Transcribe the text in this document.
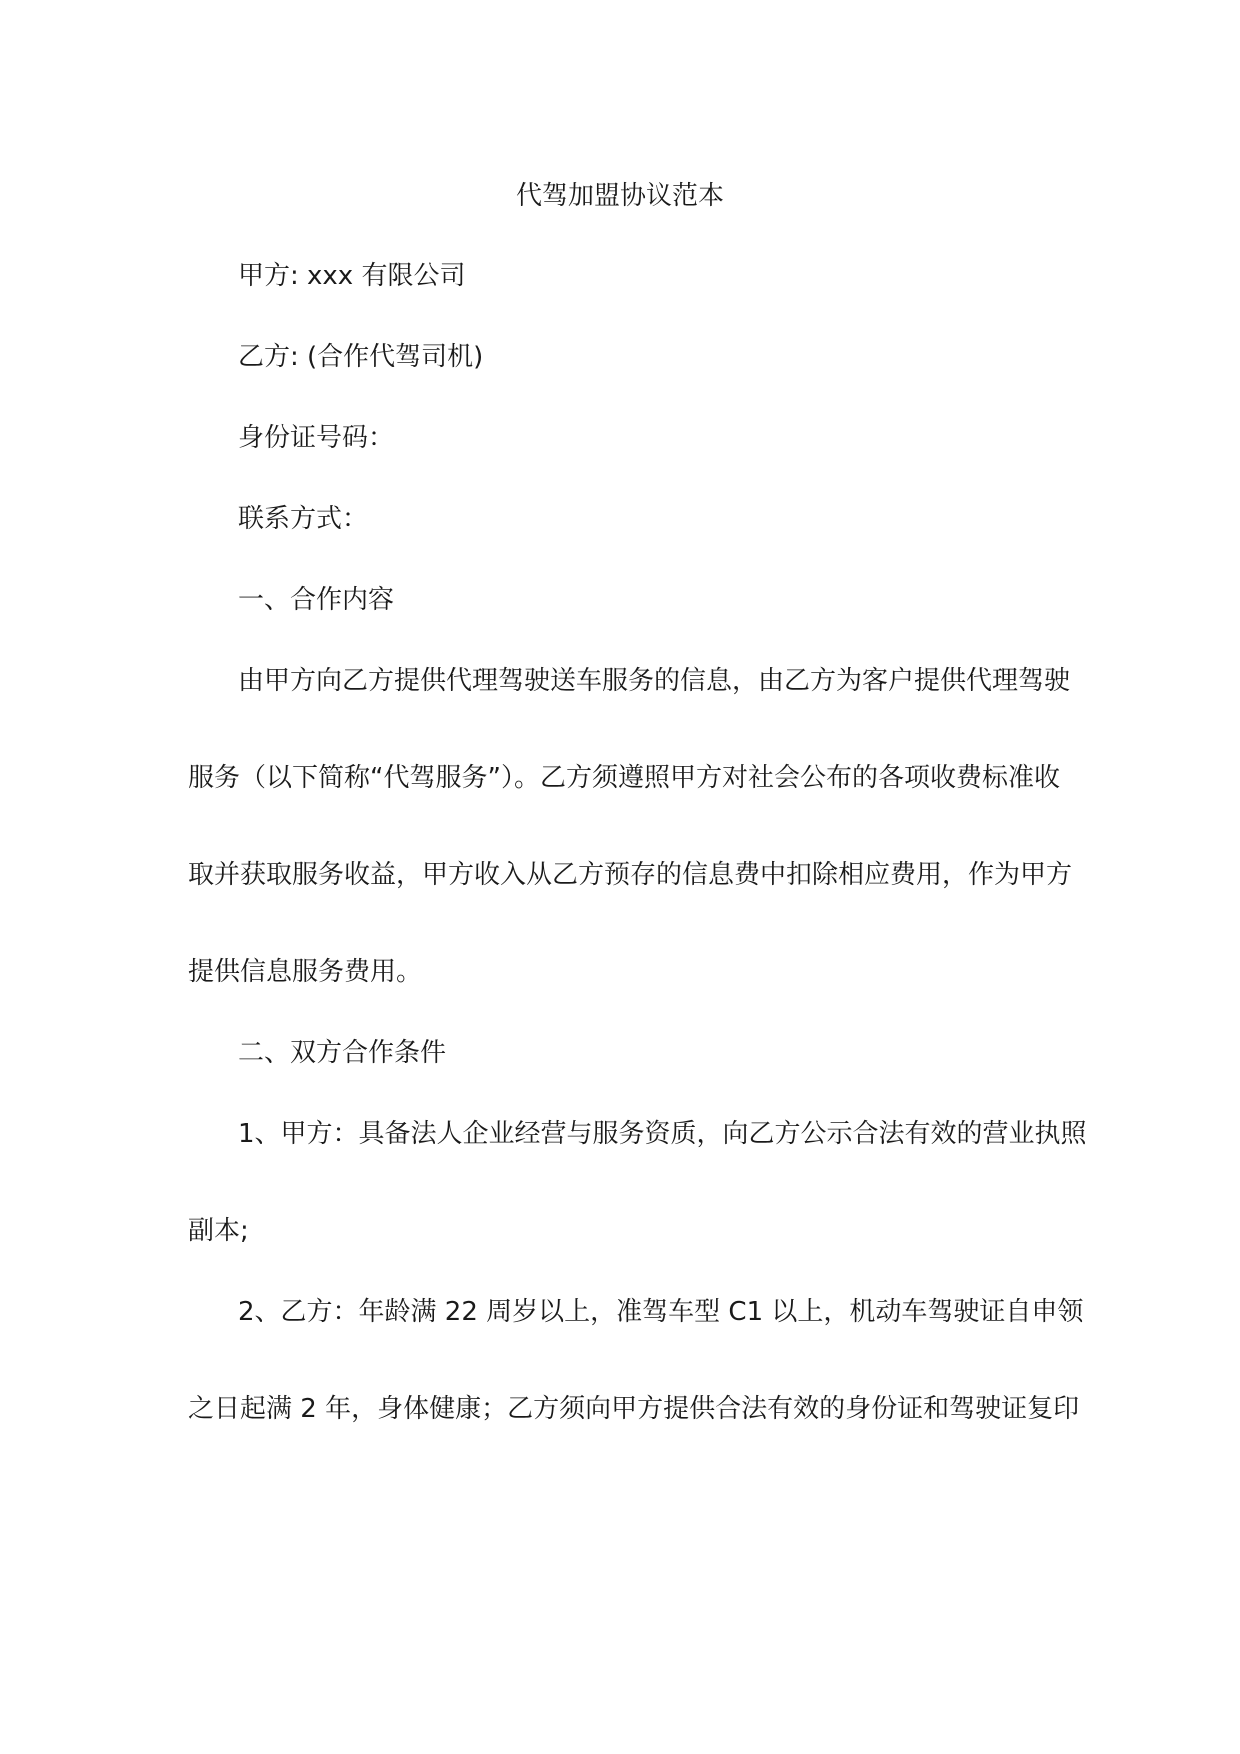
代驾加盟协议范本
甲方: xxx 有限公司
乙方: (合作代驾司机)
身份证号码：
联系方式：
一、合作内容
由甲方向乙方提供代理驾驶送车服务的信息，由乙方为客户提供代理驾驶
服务（以下简称“代驾服务”）。乙方须遵照甲方对社会公布的各项收费标准收
取并获取服务收益，甲方收入从乙方预存的信息费中扣除相应费用，作为甲方
提供信息服务费用。
二、双方合作条件
1、甲方：具备法人企业经营与服务资质，向乙方公示合法有效的营业执照
副本;
2、乙方：年龄满 22 周岁以上，准驾车型 C1 以上，机动车驾驶证自申领
之日起满 2 年，身体健康；乙方须向甲方提供合法有效的身份证和驾驶证复印
